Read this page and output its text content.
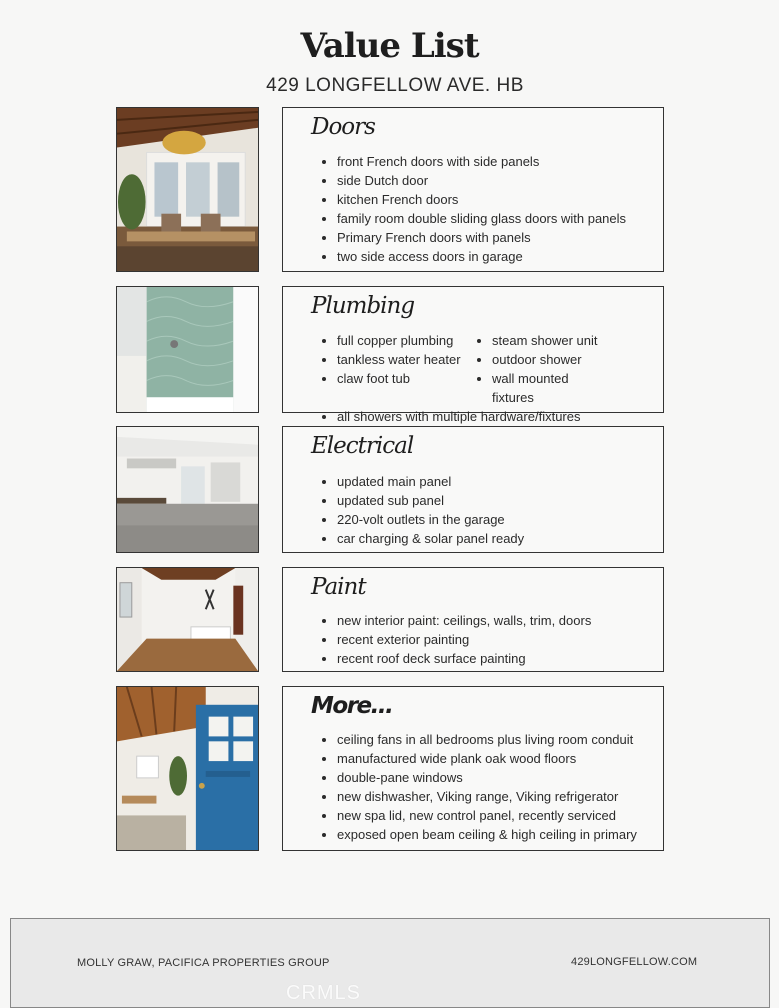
Value List
429 LONGFELLOW AVE. HB
Doors
• front French doors with side panels
• side Dutch door
• kitchen French doors
• family room double sliding glass doors with panels
• Primary French doors with panels
• two side access doors in garage
Plumbing
• full copper plumbing	• steam shower unit
• tankless water heater	• outdoor shower
• claw foot tub	• wall mounted fixtures
• all showers with multiple hardware/fixtures
Electrical
• updated main panel
• updated sub panel
• 220-volt outlets in the garage
• car charging & solar panel ready
Paint
• new interior paint: ceilings, walls, trim, doors
• recent exterior painting
• recent roof deck surface painting
More...
• ceiling fans in all bedrooms plus living room conduit
• manufactured wide plank oak wood floors
• double-pane windows
• new dishwasher, Viking range, Viking refrigerator
• new spa lid, new control panel, recently serviced
• exposed open beam ceiling & high ceiling in primary
MOLLY GRAW, PACIFICA PROPERTIES GROUP	429LONGFELLOW.COM
CRMLS
